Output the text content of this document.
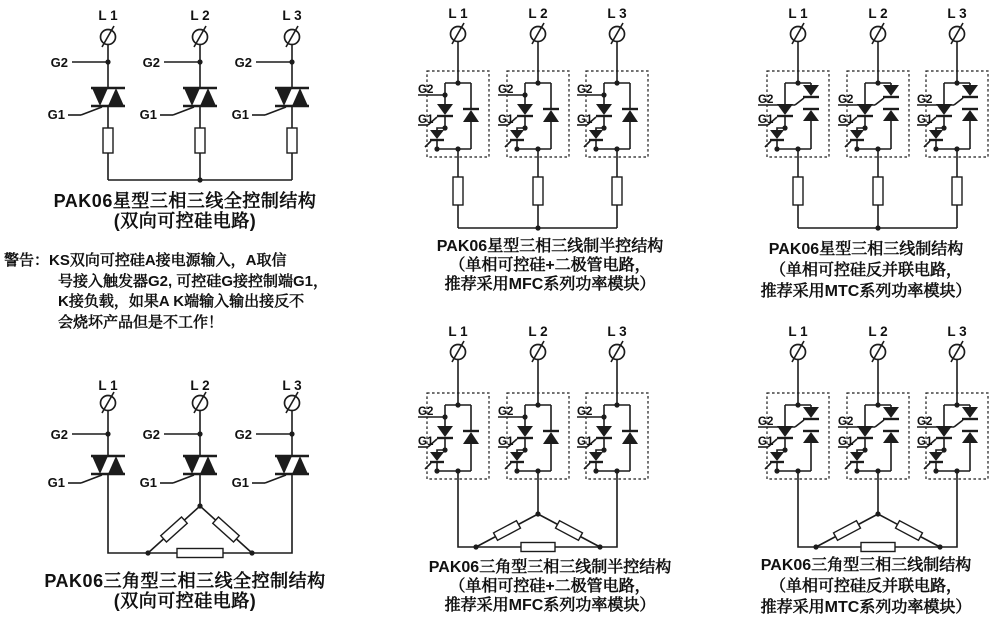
L 1
G2
G1
L 2
G2
G1
L 3
G2
G1
L 1
G2
G1
L 2
G2
G1
L 3
G2
G1
L 1
G1
G2
L 2
G1
G2
L 3
G1
G2
L 1
G1
G2
L 2
G1
G2
L 3
G1
G2
L 1
G1
G2
L 2
G1
G2
L 3
G1
G2
L 1
G1
G2
L 2
G1
G2
L 3
G1
G2
PAK06星型三相三线全控制结构
(双向可控硅电路)
PAK06三角型三相三线全控制结构
(双向可控硅电路)
PAK06星型三相三线制半控结构
（单相可控硅+二极管电路，
推荐采用MFC系列功率模块）
PAK06三角型三相三线制半控结构
（单相可控硅+二极管电路，
推荐采用MFC系列功率模块）
PAK06星型三相三线制结构
（单相可控硅反并联电路，
推荐采用MTC系列功率模块）
PAK06三角型三相三线制结构
（单相可控硅反并联电路，
推荐采用MTC系列功率模块）
警告：KS双向可控硅A接电源输入，A取信
号接入触发器G2, 可控硅G接控制端G1，
K接负载，如果A K端输入输出接反不
会烧坏产品但是不工作！
